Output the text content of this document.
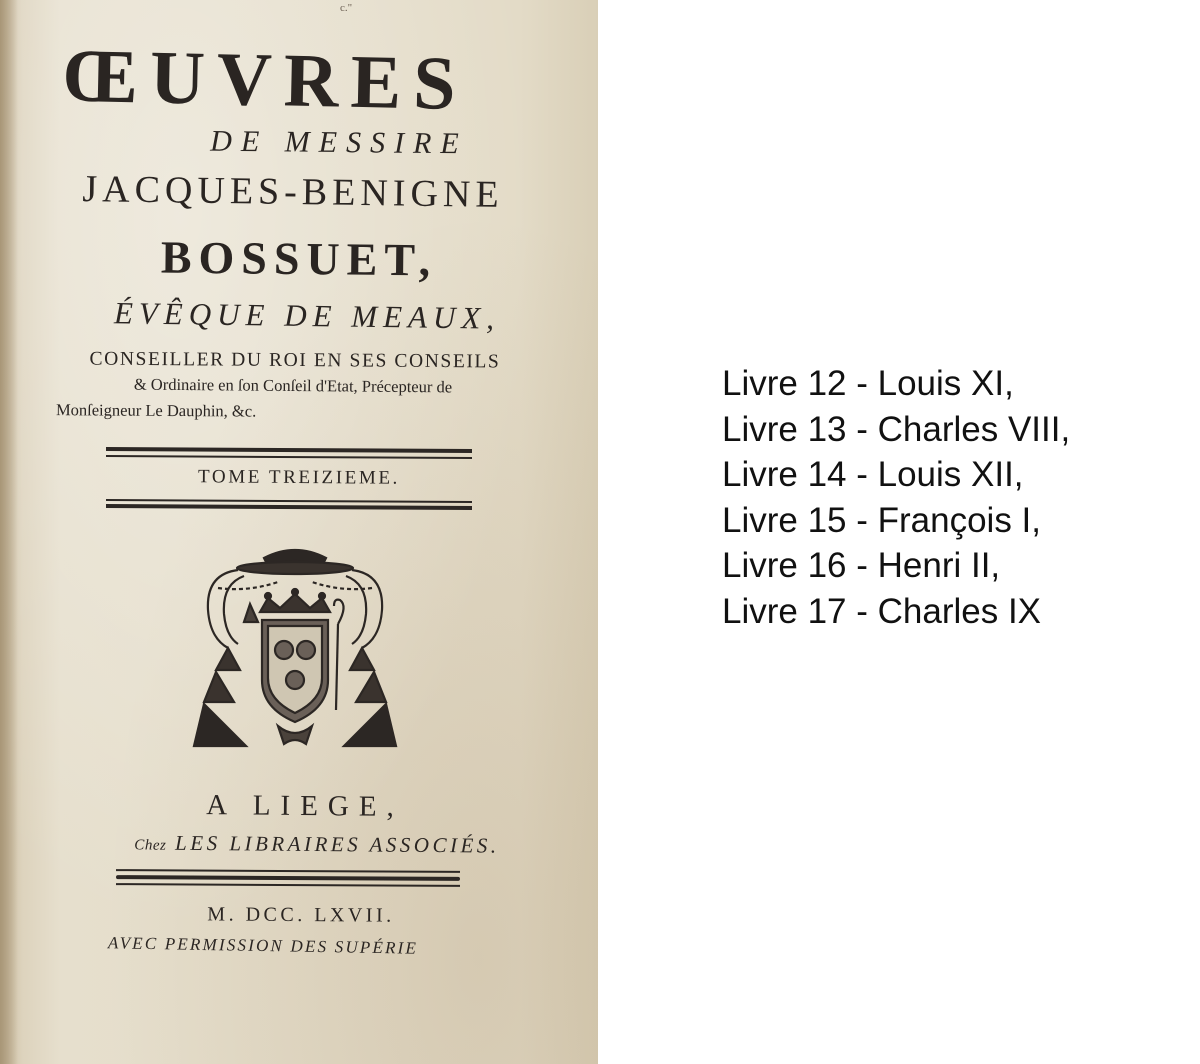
c."
ŒUVRES
DE MESSIRE
JACQUES-BENIGNE
BOSSUET,
ÉVÊQUE DE MEAUX,
CONSEILLER DU ROI EN SES CONSEILS
& Ordinaire en ſon Conſeil d'Etat, Précepteur de
Monſeigneur Le Dauphin, &c.
TOME TREIZIEME.
A LIEGE,
Chez LES LIBRAIRES ASSOCIÉS.
M. DCC. LXVII.
AVEC PERMISSION DES SUPÉRIE
Livre 12 - Louis XI,
Livre 13 - Charles VIII,
Livre 14 - Louis XII,
Livre 15 - François I,
Livre 16 - Henri II,
Livre 17 - Charles IX
